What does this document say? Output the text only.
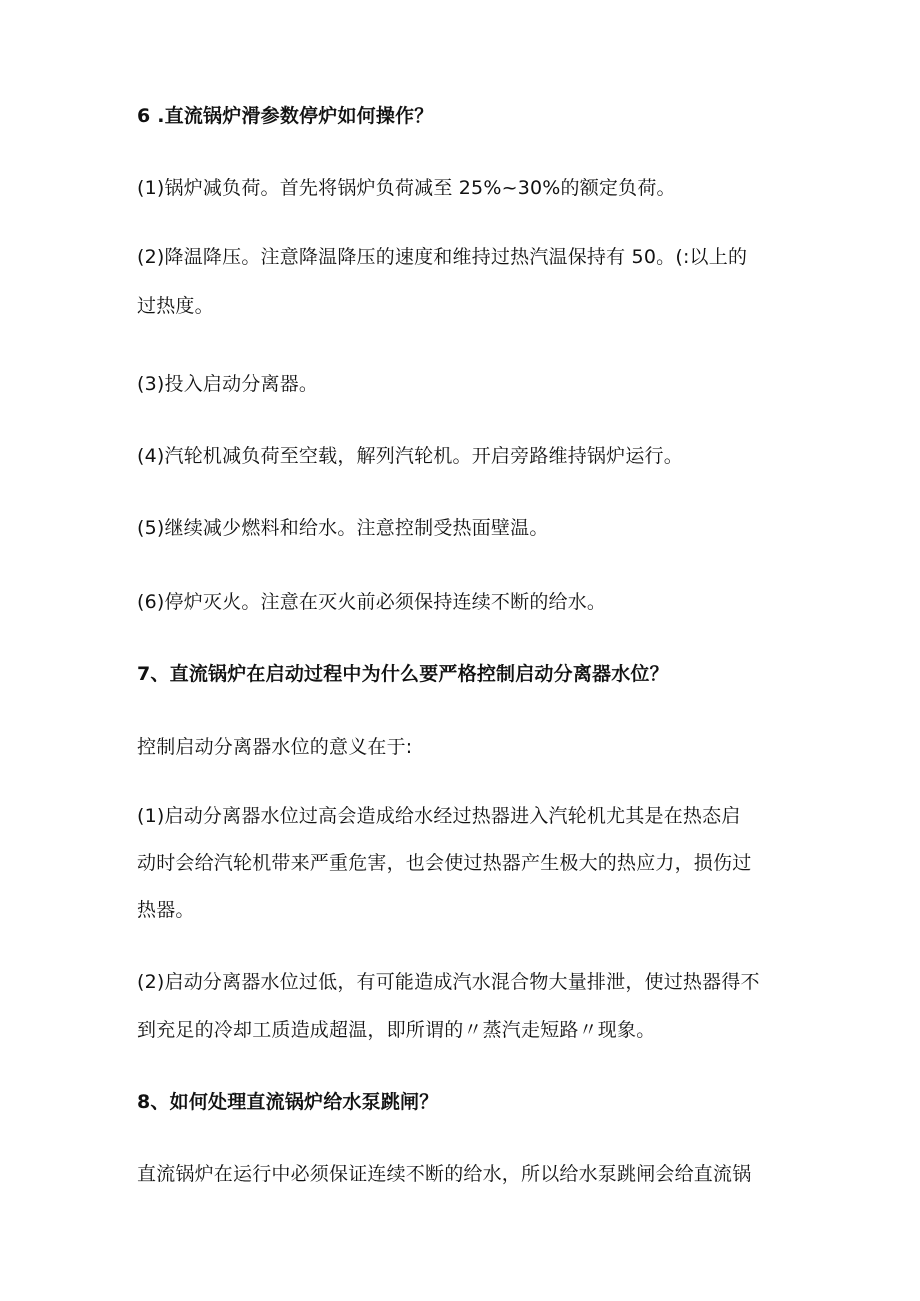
6 .直流锅炉滑参数停炉如何操作？
(1)锅炉减负荷。首先将锅炉负荷减至 25%~30%的额定负荷。
(2)降温降压。注意降温降压的速度和维持过热汽温保持有 50。(:以上的
过热度。
(3)投入启动分离器。
(4)汽轮机减负荷至空载，解列汽轮机。开启旁路维持锅炉运行。
(5)继续减少燃料和给水。注意控制受热面壁温。
(6)停炉灭火。注意在灭火前必须保持连续不断的给水。
7、直流锅炉在启动过程中为什么要严格控制启动分离器水位？
控制启动分离器水位的意义在于:
(1)启动分离器水位过高会造成给水经过热器进入汽轮机尤其是在热态启
动时会给汽轮机带来严重危害，也会使过热器产生极大的热应力，损伤过
热器。
(2)启动分离器水位过低，有可能造成汽水混合物大量排泄，使过热器得不
到充足的冷却工质造成超温，即所谓的〃蒸汽走短路〃现象。
8、如何处理直流锅炉给水泵跳闸？
直流锅炉在运行中必须保证连续不断的给水，所以给水泵跳闸会给直流锅
